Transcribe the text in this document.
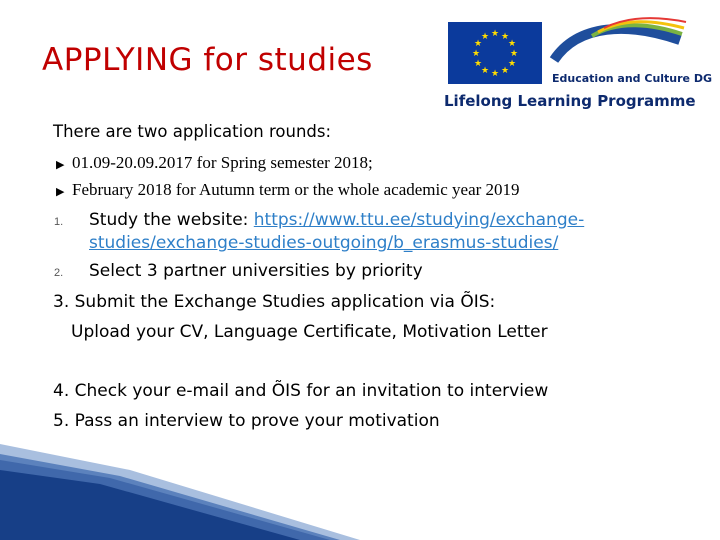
APPLYING for studies
★ ★
★
★
★
★
★
★
★
★
★
★
Education and Culture DG
Lifelong Learning Programme
There are two application rounds:
▶ 01.09-20.09.2017 for Spring semester 2018;
▶ February 2018 for Autumn term or the whole academic year 2019
1. Study the website: https://www.ttu.ee/studying/exchange-
studies/exchange-studies-outgoing/b_erasmus-studies/
2. Select 3 partner universities by priority
3. Submit the Exchange Studies application via ÕIS:
Upload your CV, Language Certificate, Motivation Letter
4. Check your e-mail and ÕIS for an invitation to interview
5. Pass an interview to prove your motivation
